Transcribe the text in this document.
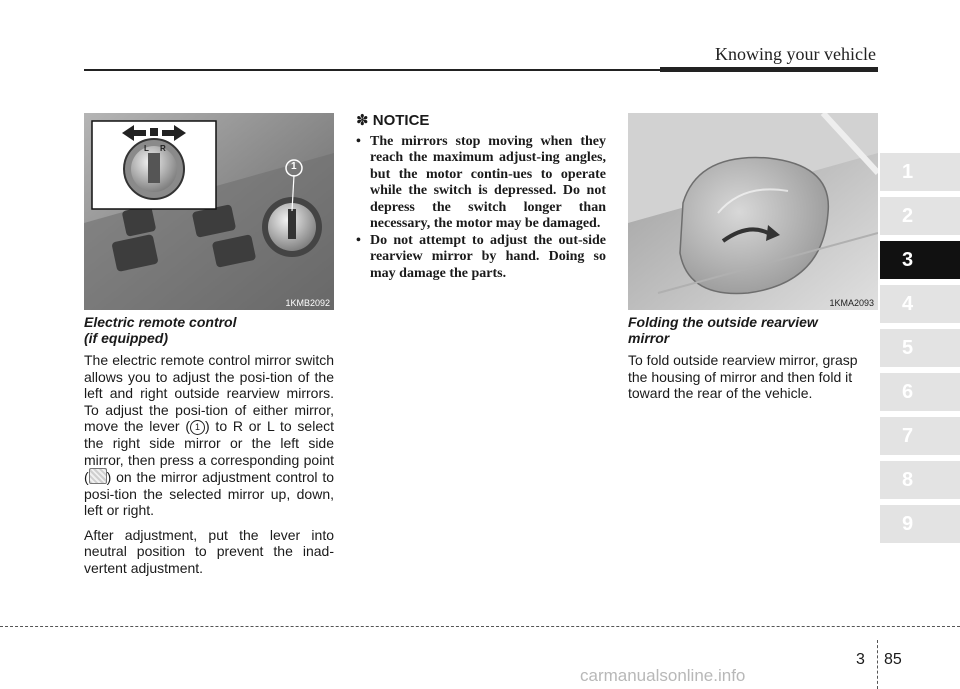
Knowing your vehicle
1
2
3
4
5
6
7
8
9
L R
1
1KMB2092	1KMA2093

Electric remote control
(if equipped)

The electric remote control mirror switch allows you to adjust the posi-tion of the left and right outside rearview mirrors. To adjust the posi-tion of either mirror, move the lever ( 1 ) to R or L to select the right side mirror or the left side mirror, then press a corresponding point ( ) on the mirror adjustment control to posi-tion the selected mirror up, down, left or right.

After adjustment, put the lever into neutral position to prevent the inad-vertent adjustment.

✽ NOTICE

• The mirrors stop moving when they reach the maximum adjust-ing angles, but the motor contin-ues to operate while the switch is depressed. Do not depress the switch longer than necessary, the motor may be damaged.
• Do not attempt to adjust the out-side rearview mirror by hand. Doing so may damage the parts.

Folding the outside rearview
mirror

To fold outside rearview mirror, grasp the housing of mirror and then fold it toward the rear of the vehicle.

3 85
carmanualsonline.info
